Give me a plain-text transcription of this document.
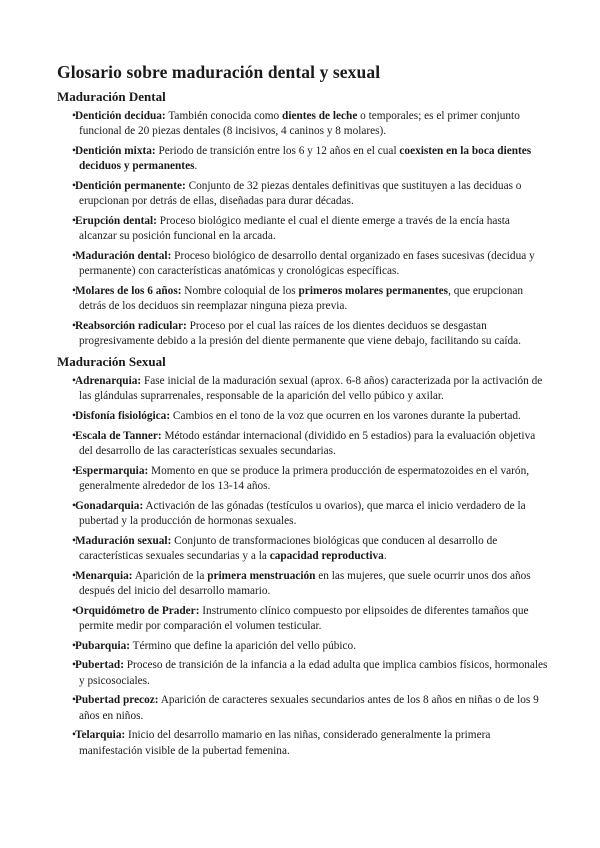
Glosario sobre maduración dental y sexual
Maduración Dental
• Dentición decidua: También conocida como dientes de leche o temporales; es el primer conjunto funcional de 20 piezas dentales (8 incisivos, 4 caninos y 8 molares).
• Dentición mixta: Periodo de transición entre los 6 y 12 años en el cual coexisten en la boca dientes deciduos y permanentes.
• Dentición permanente: Conjunto de 32 piezas dentales definitivas que sustituyen a las deciduas o erupcionan por detrás de ellas, diseñadas para durar décadas.
• Erupción dental: Proceso biológico mediante el cual el diente emerge a través de la encía hasta alcanzar su posición funcional en la arcada.
• Maduración dental: Proceso biológico de desarrollo dental organizado en fases sucesivas (decidua y permanente) con características anatómicas y cronológicas específicas.
• Molares de los 6 años: Nombre coloquial de los primeros molares permanentes, que erupcionan detrás de los deciduos sin reemplazar ninguna pieza previa.
• Reabsorción radicular: Proceso por el cual las raíces de los dientes deciduos se desgastan progresivamente debido a la presión del diente permanente que viene debajo, facilitando su caída.
Maduración Sexual
• Adrenarquia: Fase inicial de la maduración sexual (aprox. 6-8 años) caracterizada por la activación de las glándulas suprarrenales, responsable de la aparición del vello púbico y axilar.
• Disfonía fisiológica: Cambios en el tono de la voz que ocurren en los varones durante la pubertad.
• Escala de Tanner: Método estándar internacional (dividido en 5 estadios) para la evaluación objetiva del desarrollo de las características sexuales secundarias.
• Espermarquia: Momento en que se produce la primera producción de espermatozoides en el varón, generalmente alrededor de los 13-14 años.
• Gonadarquia: Activación de las gónadas (testículos u ovarios), que marca el inicio verdadero de la pubertad y la producción de hormonas sexuales.
• Maduración sexual: Conjunto de transformaciones biológicas que conducen al desarrollo de características sexuales secundarias y a la capacidad reproductiva.
• Menarquia: Aparición de la primera menstruación en las mujeres, que suele ocurrir unos dos años después del inicio del desarrollo mamario.
• Orquidómetro de Prader: Instrumento clínico compuesto por elipsoides de diferentes tamaños que permite medir por comparación el volumen testicular.
• Pubarquia: Término que define la aparición del vello púbico.
• Pubertad: Proceso de transición de la infancia a la edad adulta que implica cambios físicos, hormonales y psicosociales.
• Pubertad precoz: Aparición de caracteres sexuales secundarios antes de los 8 años en niñas o de los 9 años en niños.
• Telarquia: Inicio del desarrollo mamario en las niñas, considerado generalmente la primera manifestación visible de la pubertad femenina.
